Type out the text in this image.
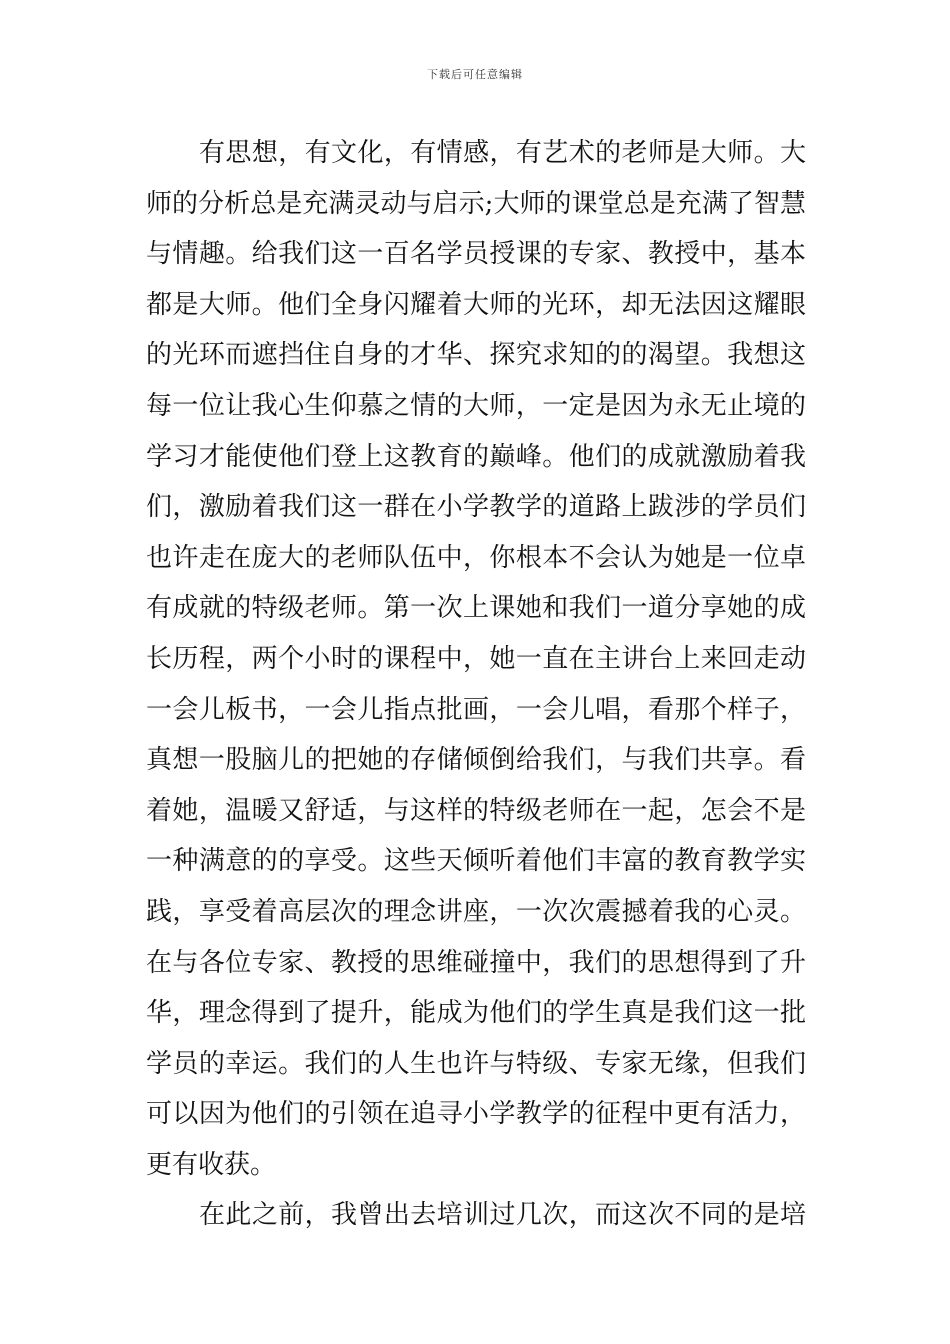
下载后可任意编辑
有思想，有文化，有情感，有艺术的老师是大师。大
师的分析总是充满灵动与启示;大师的课堂总是充满了智慧
与情趣。给我们这一百名学员授课的专家、教授中，基本
都是大师。他们全身闪耀着大师的光环，却无法因这耀眼
的光环而遮挡住自身的才华、探究求知的的渴望。我想这
每一位让我心生仰慕之情的大师，一定是因为永无止境的
学习才能使他们登上这教育的巅峰。他们的成就激励着我
们，激励着我们这一群在小学教学的道路上跋涉的学员们
也许走在庞大的老师队伍中，你根本不会认为她是一位卓
有成就的特级老师。第一次上课她和我们一道分享她的成
长历程，两个小时的课程中，她一直在主讲台上来回走动
一会儿板书，一会儿指点批画，一会儿唱，看那个样子，
真想一股脑儿的把她的存储倾倒给我们，与我们共享。看
着她，温暖又舒适，与这样的特级老师在一起，怎会不是
一种满意的的享受。这些天倾听着他们丰富的教育教学实
践，享受着高层次的理念讲座，一次次震撼着我的心灵。
在与各位专家、教授的思维碰撞中，我们的思想得到了升
华，理念得到了提升，能成为他们的学生真是我们这一批
学员的幸运。我们的人生也许与特级、专家无缘，但我们
可以因为他们的引领在追寻小学教学的征程中更有活力，
更有收获。
在此之前，我曾出去培训过几次，而这次不同的是培
